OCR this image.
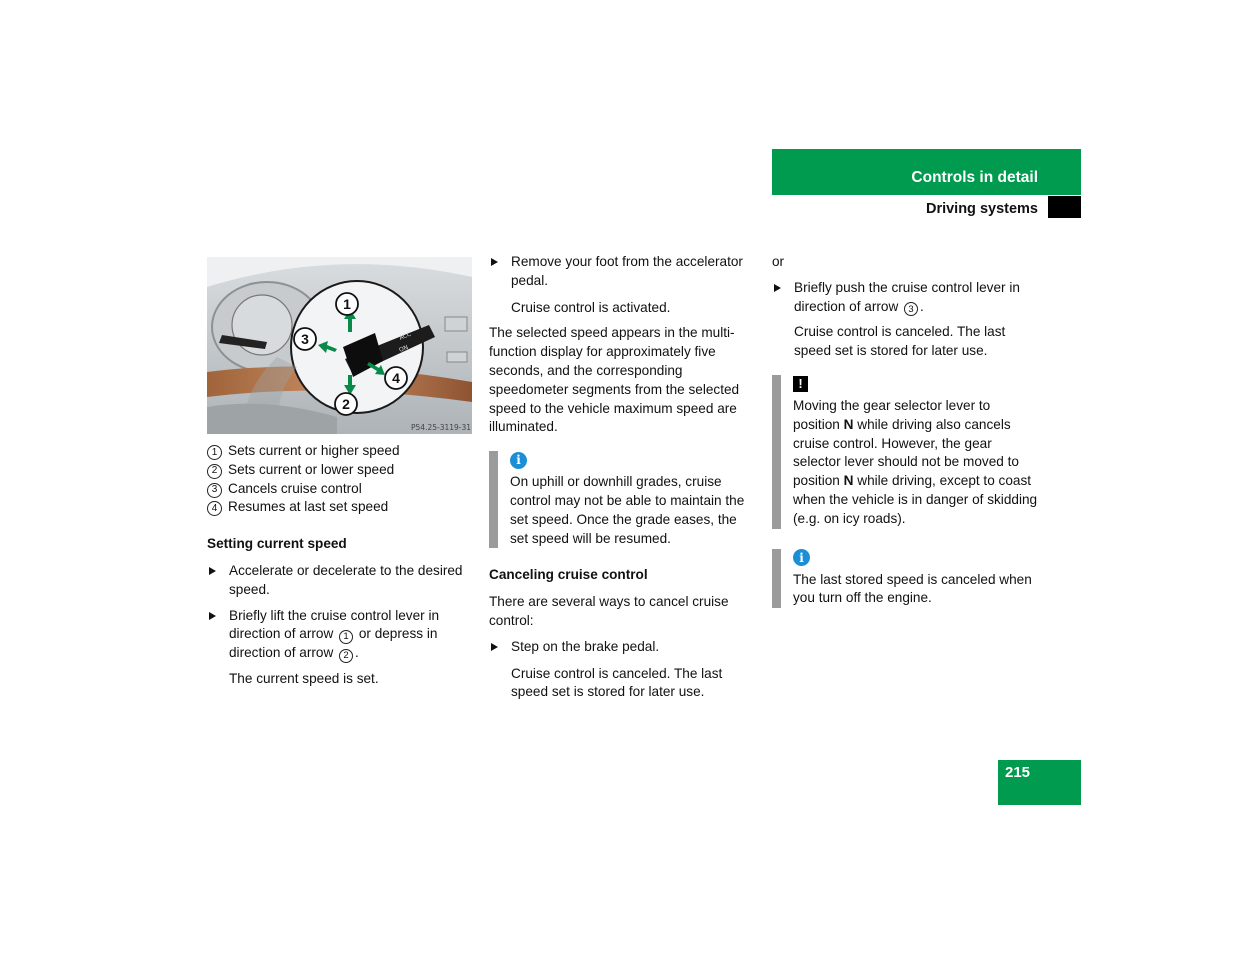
Controls in detail
Driving systems
ACC
ON
1
3
4
2
P54.25-3119-31
1 Sets current or higher speed
2 Sets current or lower speed
3 Cancels cruise control
4 Resumes at last set speed

Setting current speed

Accelerate or decelerate to the desired speed.

Briefly lift the cruise control lever in direction of arrow 1 or depress in direction of arrow 2 .

The current speed is set.

Remove your foot from the accelerator pedal.

Cruise control is activated.

The selected speed appears in the multi-function display for approximately five seconds, and the corresponding speedometer segments from the selected speed to the vehicle maximum speed are illuminated.

i

On uphill or downhill grades, cruise control may not be able to maintain the set speed. Once the grade eases, the set speed will be resumed.

Canceling cruise control

There are several ways to cancel cruise control:

Step on the brake pedal.

Cruise control is canceled. The last speed set is stored for later use.

or

Briefly push the cruise control lever in direction of arrow 3 .

Cruise control is canceled. The last speed set is stored for later use.

!

Moving the gear selector lever to position N while driving also cancels cruise control. However, the gear selector lever should not be moved to position N while driving, except to coast when the vehicle is in danger of skidding (e.g. on icy roads).

i

The last stored speed is canceled when you turn off the engine.

215
